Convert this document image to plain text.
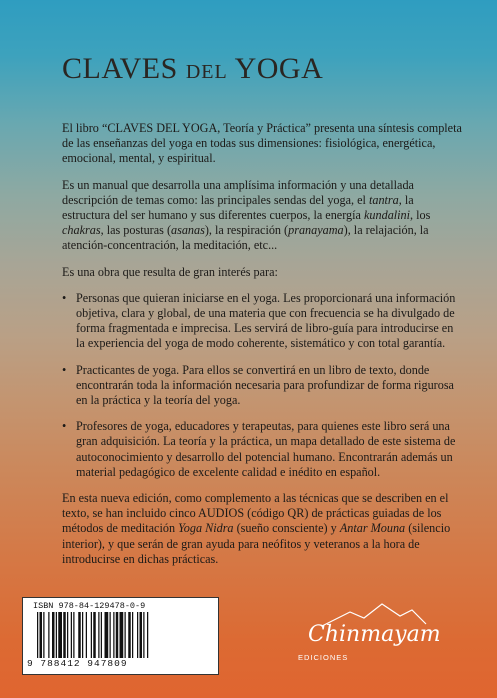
CLAVES DEL YOGA

El libro “CLAVES DEL YOGA, Teoría y Práctica” presenta una síntesis completa de las enseñanzas del yoga en todas sus dimensiones: fisiológica, energética, emocional, mental, y espiritual.

Es un manual que desarrolla una amplísima información y una detallada descripción de temas como: las principales sendas del yoga, el tantra, la estructura del ser humano y sus diferentes cuerpos, la energía kundalini, los chakras, las posturas (asanas), la respiración (pranayama), la relajación, la atención-concentración, la meditación, etc...

Es una obra que resulta de gran interés para:

• Personas que quieran iniciarse en el yoga. Les proporcionará una información objetiva, clara y global, de una materia que con frecuencia se ha divulgado de forma fragmentada e imprecisa. Les servirá de libro-guía para introducirse en la experiencia del yoga de modo coherente, sistemático y con total garantía.
• Practicantes de yoga. Para ellos se convertirá en un libro de texto, donde encontrarán toda la información necesaria para profundizar de forma rigurosa en la práctica y la teoría del yoga.
• Profesores de yoga, educadores y terapeutas, para quienes este libro será una gran adquisición. La teoría y la práctica, un mapa detallado de este sistema de autoconocimiento y desarrollo del potencial humano. Encontrarán además un material pedagógico de excelente calidad e inédito en español.

En esta nueva edición, como complemento a las técnicas que se describen en el texto, se han incluido cinco AUDIOS (código QR) de prácticas guiadas de los métodos de meditación Yoga Nidra (sueño consciente) y Antar Mouna (silencio interior), y que serán de gran ayuda para neófitos y veteranos a la hora de introducirse en dichas prácticas.

ISBN 978-84-129478-0-9
9 788412 947809
Chinmayam
EDICIONES
